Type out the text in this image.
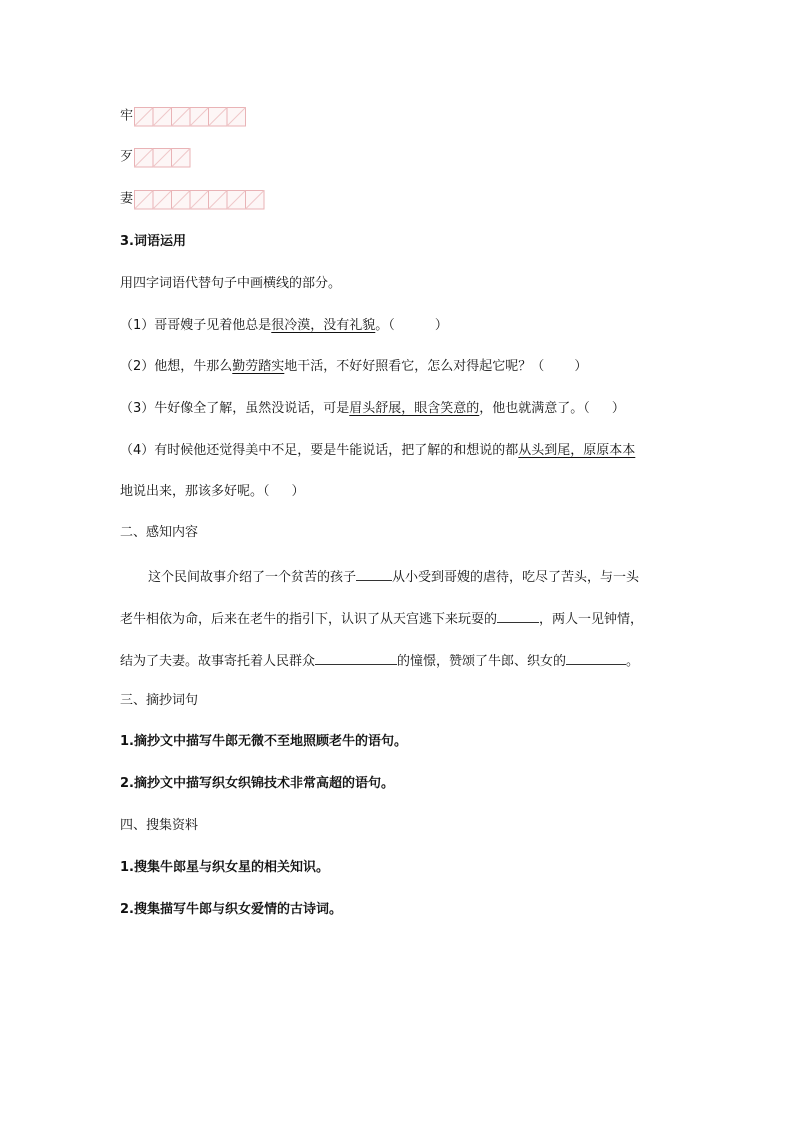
牢
歹
妻
3.词语运用
用四字词语代替句子中画横线的部分。
（1）哥哥嫂子见着他总是很冷漠，没有礼貌。（	）
（2）他想，牛那么勤劳踏实地干活，不好好照看它，怎么对得起它呢？（ ）
（3）牛好像全了解，虽然没说话，可是眉头舒展，眼含笑意的，他也就满意了。（ ）
（4）有时候他还觉得美中不足，要是牛能说话，把了解的和想说的都从头到尾，原原本本
地说出来，那该多好呢。（ ）
二、感知内容
这个民间故事介绍了一个贫苦的孩子	从小受到哥嫂的虐待，吃尽了苦头，与一头
老牛相依为命，后来在老牛的指引下，认识了从天宫逃下来玩耍的	，两人一见钟情，
结为了夫妻。故事寄托着人民群众	的憧憬，赞颂了牛郎、织女的	。
三、摘抄词句
1.摘抄文中描写牛郎无微不至地照顾老牛的语句。
2.摘抄文中描写织女织锦技术非常高超的语句。
四、搜集资料
1.搜集牛郎星与织女星的相关知识。
2.搜集描写牛郎与织女爱情的古诗词。
